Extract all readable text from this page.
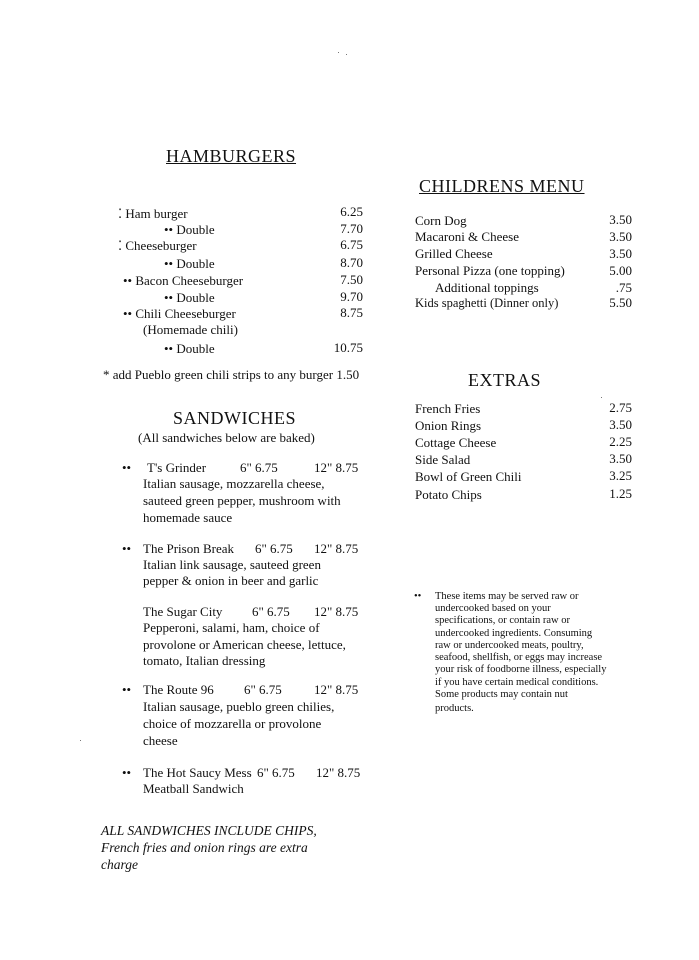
HAMBURGERS
⁚ Ham burger	6.25
•• Double	7.70
⁚ Cheeseburger	6.75
•• Double	8.70
•• Bacon Cheeseburger	7.50
•• Double	9.70
•• Chili Cheeseburger	8.75
(Homemade chili)
•• Double	10.75
* add Pueblo green chili strips to any burger 1.50
SANDWICHES
(All sandwiches below are baked)
•• T's Grinder	6" 6.75	12" 8.75
Italian sausage, mozzarella cheese,
sauteed green pepper, mushroom with
homemade sauce
•• The Prison Break 6" 6.75 12" 8.75
Italian link sausage, sauteed green
pepper & onion in beer and garlic
The Sugar City 6" 6.75 12" 8.75
Pepperoni, salami, ham, choice of
provolone or American cheese, lettuce,
tomato, Italian dressing
•• The Route 96 6" 6.75 12" 8.75
Italian sausage, pueblo green chilies,
choice of mozzarella or provolone
cheese
•• The Hot Saucy Mess 6" 6.75 12" 8.75
Meatball Sandwich
ALL SANDWICHES INCLUDE CHIPS,
French fries and onion rings are extra
charge
CHILDRENS MENU
Corn Dog	3.50
Macaroni & Cheese	3.50
Grilled Cheese	3.50
Personal Pizza (one topping)	5.00
Additional toppings	.75
Kids spaghetti (Dinner only)	5.50
EXTRAS
French Fries	2.75
Onion Rings	3.50
Cottage Cheese	2.25
Side Salad	3.50
Bowl of Green Chili	3.25
Potato Chips	1.25
•• These items may be served raw or
undercooked based on your
specifications, or contain raw or
undercooked ingredients. Consuming
raw or undercooked meats, poultry,
seafood, shellfish, or eggs may increase
your risk of foodborne illness, especially
if you have certain medical conditions.
Some products may contain nut
products.
